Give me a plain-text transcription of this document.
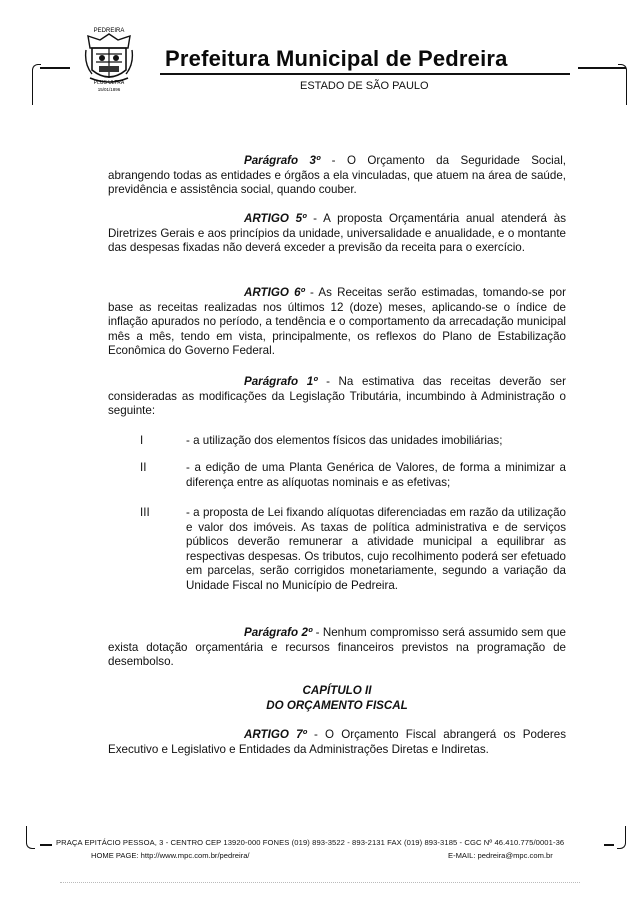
PEDREIRA
PLUS ULTRA
15/01/1896
Prefeitura Municipal de Pedreira
ESTADO DE SÃO PAULO

Parágrafo 3º - O Orçamento da Seguridade Social, abrangendo todas as entidades e órgãos a ela vinculadas, que atuem na área de saúde, previdência e assistência social, quando couber.

ARTIGO 5º - A proposta Orçamentária anual atenderá às Diretrizes Gerais e aos princípios da unidade, universalidade e anualidade, e o montante das despesas fixadas não deverá exceder a previsão da receita para o exercício.

ARTIGO 6º - As Receitas serão estimadas, tomando-se por base as receitas realizadas nos últimos 12 (doze) meses, aplicando-se o índice de inflação apurados no período, a tendência e o comportamento da arrecadação municipal mês a mês, tendo em vista, principalmente, os reflexos do Plano de Estabilização Econômica do Governo Federal.

Parágrafo 1º - Na estimativa das receitas deverão ser consideradas as modificações da Legislação Tributária, incumbindo à Administração o seguinte:

I	- a utilização dos elementos físicos das unidades imobiliárias;
II	- a edição de uma Planta Genérica de Valores, de forma a minimizar a diferença entre as alíquotas nominais e as efetivas;
III	- a proposta de Lei fixando alíquotas diferenciadas em razão da utilização e valor dos imóveis. As taxas de política administrativa e de serviços públicos deverão remunerar a atividade municipal a equilibrar as respectivas despesas. Os tributos, cujo recolhimento poderá ser efetuado em parcelas, serão corrigidos monetariamente, segundo a variação da Unidade Fiscal no Município de Pedreira.

Parágrafo 2º - Nenhum compromisso será assumido sem que exista dotação orçamentária e recursos financeiros previstos na programação de desembolso.

CAPÍTULO II
DO ORÇAMENTO FISCAL

ARTIGO 7º - O Orçamento Fiscal abrangerá os Poderes Executivo e Legislativo e Entidades da Administrações Diretas e Indiretas.

PRAÇA EPITÁCIO PESSOA, 3 - CENTRO CEP 13920-000 FONES (019) 893-3522 - 893-2131 FAX (019) 893-3185 - CGC Nº 46.410.775/0001-36
HOME PAGE: http://www.mpc.com.br/pedreira/	E-MAIL: pedreira@mpc.com.br
